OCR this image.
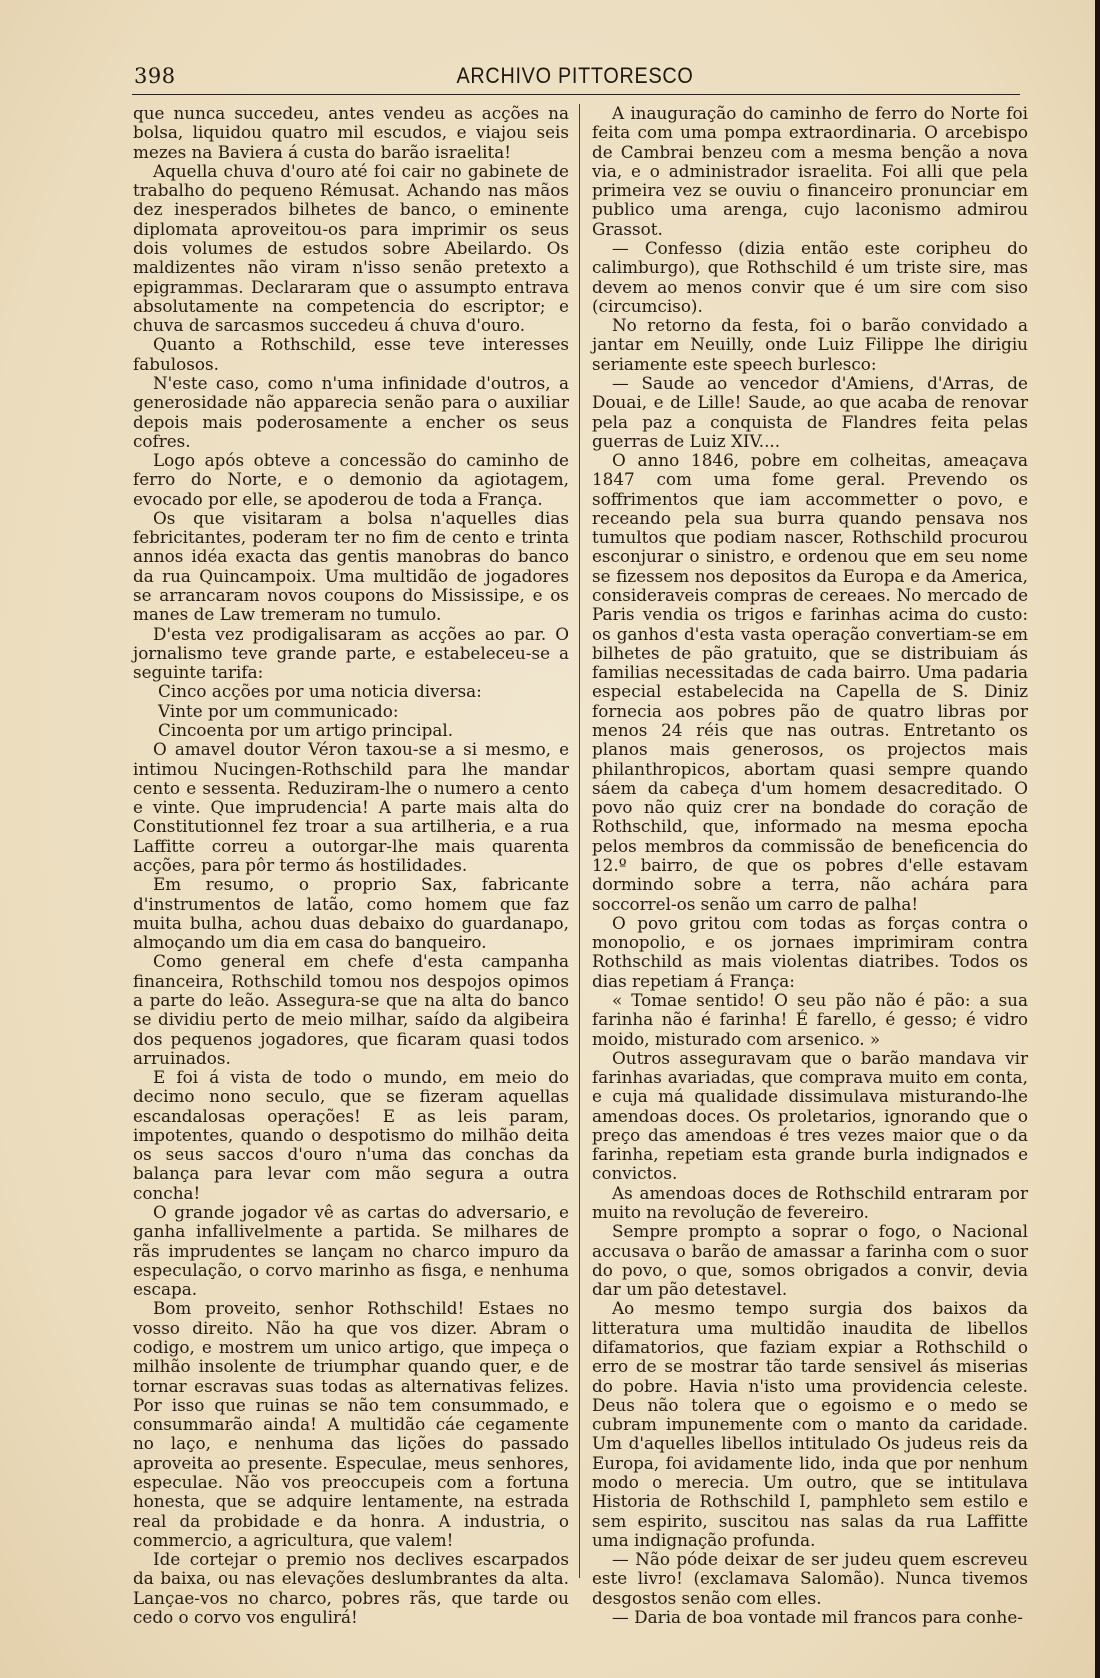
398	ARCHIVO PITTORESCO

que nunca succedeu, antes vendeu as acções na bolsa, liquidou quatro mil escudos, e viajou seis mezes na Baviera á custa do barão israelita!

Aquella chuva d'ouro até foi cair no gabinete de trabalho do pequeno Rémusat. Achando nas mãos dez inesperados bilhetes de banco, o eminente diplomata aproveitou-os para imprimir os seus dois volumes de estudos sobre Abeilardo. Os maldizentes não viram n'isso senão pretexto a epigrammas. Declararam que o assumpto entrava absolutamente na competencia do escriptor; e chuva de sarcasmos succedeu á chuva d'ouro.

Quanto a Rothschild, esse teve interesses fabulosos.

N'este caso, como n'uma infinidade d'outros, a generosidade não apparecia senão para o auxiliar depois mais poderosamente a encher os seus cofres.

Logo após obteve a concessão do caminho de ferro do Norte, e o demonio da agiotagem, evocado por elle, se apoderou de toda a França.

Os que visitaram a bolsa n'aquelles dias febricitantes, poderam ter no fim de cento e trinta annos idéa exacta das gentis manobras do banco da rua Quincampoix. Uma multidão de jogadores se arrancaram novos coupons do Mississipe, e os manes de Law tremeram no tumulo.

D'esta vez prodigalisaram as acções ao par. O jornalismo teve grande parte, e estabeleceu-se a seguinte tarifa:

Cinco acções por uma noticia diversa:

Vinte por um communicado:

Cincoenta por um artigo principal.

O amavel doutor Véron taxou-se a si mesmo, e intimou Nucingen-Rothschild para lhe mandar cento e sessenta. Reduziram-lhe o numero a cento e vinte. Que imprudencia! A parte mais alta do Constitutionnel fez troar a sua artilheria, e a rua Laffitte correu a outorgar-lhe mais quarenta acções, para pôr termo ás hostilidades.

Em resumo, o proprio Sax, fabricante d'instrumentos de latão, como homem que faz muita bulha, achou duas debaixo do guardanapo, almoçando um dia em casa do banqueiro.

Como general em chefe d'esta campanha financeira, Rothschild tomou nos despojos opimos a parte do leão. Assegura-se que na alta do banco se dividiu perto de meio milhar, saído da algibeira dos pequenos jogadores, que ficaram quasi todos arruinados.

E foi á vista de todo o mundo, em meio do decimo nono seculo, que se fizeram aquellas escandalosas operações! E as leis param, impotentes, quando o despotismo do milhão deita os seus saccos d'ouro n'uma das conchas da balança para levar com mão segura a outra concha!

O grande jogador vê as cartas do adversario, e ganha infallivelmente a partida. Se milhares de rãs imprudentes se lançam no charco impuro da especulação, o corvo marinho as fisga, e nenhuma escapa.

Bom proveito, senhor Rothschild! Estaes no vosso direito. Não ha que vos dizer. Abram o codigo, e mostrem um unico artigo, que impeça o milhão insolente de triumphar quando quer, e de tornar escravas suas todas as alternativas felizes. Por isso que ruinas se não tem consummado, e consummarão ainda! A multidão cáe cegamente no laço, e nenhuma das lições do passado aproveita ao presente. Especulae, meus senhores, especulae. Não vos preoccupeis com a fortuna honesta, que se adquire lentamente, na estrada real da probidade e da honra. A industria, o commercio, a agricultura, que valem!

Ide cortejar o premio nos declives escarpados da baixa, ou nas elevações deslumbrantes da alta. Lançae-vos no charco, pobres rãs, que tarde ou cedo o corvo vos engulirá!

A inauguração do caminho de ferro do Norte foi feita com uma pompa extraordinaria. O arcebispo de Cambrai benzeu com a mesma benção a nova via, e o administrador israelita. Foi alli que pela primeira vez se ouviu o financeiro pronunciar em publico uma arenga, cujo laconismo admirou Grassot.

— Confesso (dizia então este coripheu do calimburgo), que Rothschild é um triste sire, mas devem ao menos convir que é um sire com siso (circumciso).

No retorno da festa, foi o barão convidado a jantar em Neuilly, onde Luiz Filippe lhe dirigiu seriamente este speech burlesco:

— Saude ao vencedor d'Amiens, d'Arras, de Douai, e de Lille! Saude, ao que acaba de renovar pela paz a conquista de Flandres feita pelas guerras de Luiz XIV....

O anno 1846, pobre em colheitas, ameaçava 1847 com uma fome geral. Prevendo os soffrimentos que iam accommetter o povo, e receando pela sua burra quando pensava nos tumultos que podiam nascer, Rothschild procurou esconjurar o sinistro, e ordenou que em seu nome se fizessem nos depositos da Europa e da America, consideraveis compras de cereaes. No mercado de Paris vendia os trigos e farinhas acima do custo: os ganhos d'esta vasta operação convertiam-se em bilhetes de pão gratuito, que se distribuiam ás familias necessitadas de cada bairro. Uma padaria especial estabelecida na Capella de S. Diniz fornecia aos pobres pão de quatro libras por menos 24 réis que nas outras. Entretanto os planos mais generosos, os projectos mais philanthropicos, abortam quasi sempre quando sáem da cabeça d'um homem desacreditado. O povo não quiz crer na bondade do coração de Rothschild, que, informado na mesma epocha pelos membros da commissão de beneficencia do 12.º bairro, de que os pobres d'elle estavam dormindo sobre a terra, não achára para soccorrel-os senão um carro de palha!

O povo gritou com todas as forças contra o monopolio, e os jornaes imprimiram contra Rothschild as mais violentas diatribes. Todos os dias repetiam á França:

« Tomae sentido! O seu pão não é pão: a sua farinha não é farinha! É farello, é gesso; é vidro moido, misturado com arsenico. »

Outros asseguravam que o barão mandava vir farinhas avariadas, que comprava muito em conta, e cuja má qualidade dissimulava misturando-lhe amendoas doces. Os proletarios, ignorando que o preço das amendoas é tres vezes maior que o da farinha, repetiam esta grande burla indignados e convictos.

As amendoas doces de Rothschild entraram por muito na revolução de fevereiro.

Sempre prompto a soprar o fogo, o Nacional accusava o barão de amassar a farinha com o suor do povo, o que, somos obrigados a convir, devia dar um pão detestavel.

Ao mesmo tempo surgia dos baixos da litteratura uma multidão inaudita de libellos difamatorios, que faziam expiar a Rothschild o erro de se mostrar tão tarde sensivel ás miserias do pobre. Havia n'isto uma providencia celeste. Deus não tolera que o egoismo e o medo se cubram impunemente com o manto da caridade. Um d'aquelles libellos intitulado Os judeus reis da Europa, foi avidamente lido, inda que por nenhum modo o merecia. Um outro, que se intitulava Historia de Rothschild I, pamphleto sem estilo e sem espirito, suscitou nas salas da rua Laffitte uma indignação profunda.

— Não póde deixar de ser judeu quem escreveu este livro! (exclamava Salomão). Nunca tivemos desgostos senão com elles.

— Daria de boa vontade mil francos para conhe-
